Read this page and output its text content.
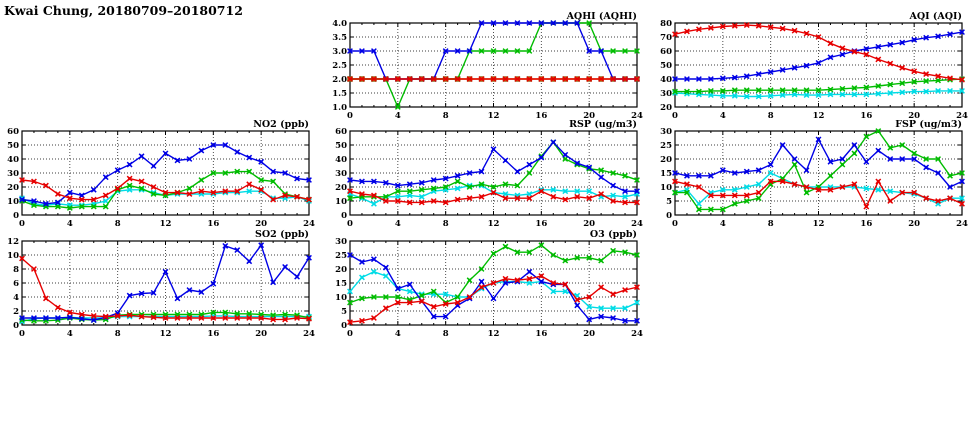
Kwai Chung, 20180709–20180712
1.0
1.5
2.0
2.5
3.0
3.5
4.0
0	4	8	12	16	20	24
AQHI (AQHI)
20
30
40
50
60
70
80
0	4	8	12	16	20	24
AQI (AQI)
0
10
20
30
40
50
60
0	4	8	12	16	20	24
NO2 (ppb)
0
10
20
30
40
50
60
0	4	8	12	16	20	24
RSP (ug/m3)
0
5
10
15
20
25
30
0	4	8	12	16	20	24
FSP (ug/m3)
0
2
4
6
8
10
12
0	4	8	12	16	20	24
SO2 (ppb)
0
5
10
15
20
25
30
0	4	8	12	16	20	24
O3 (ppb)
